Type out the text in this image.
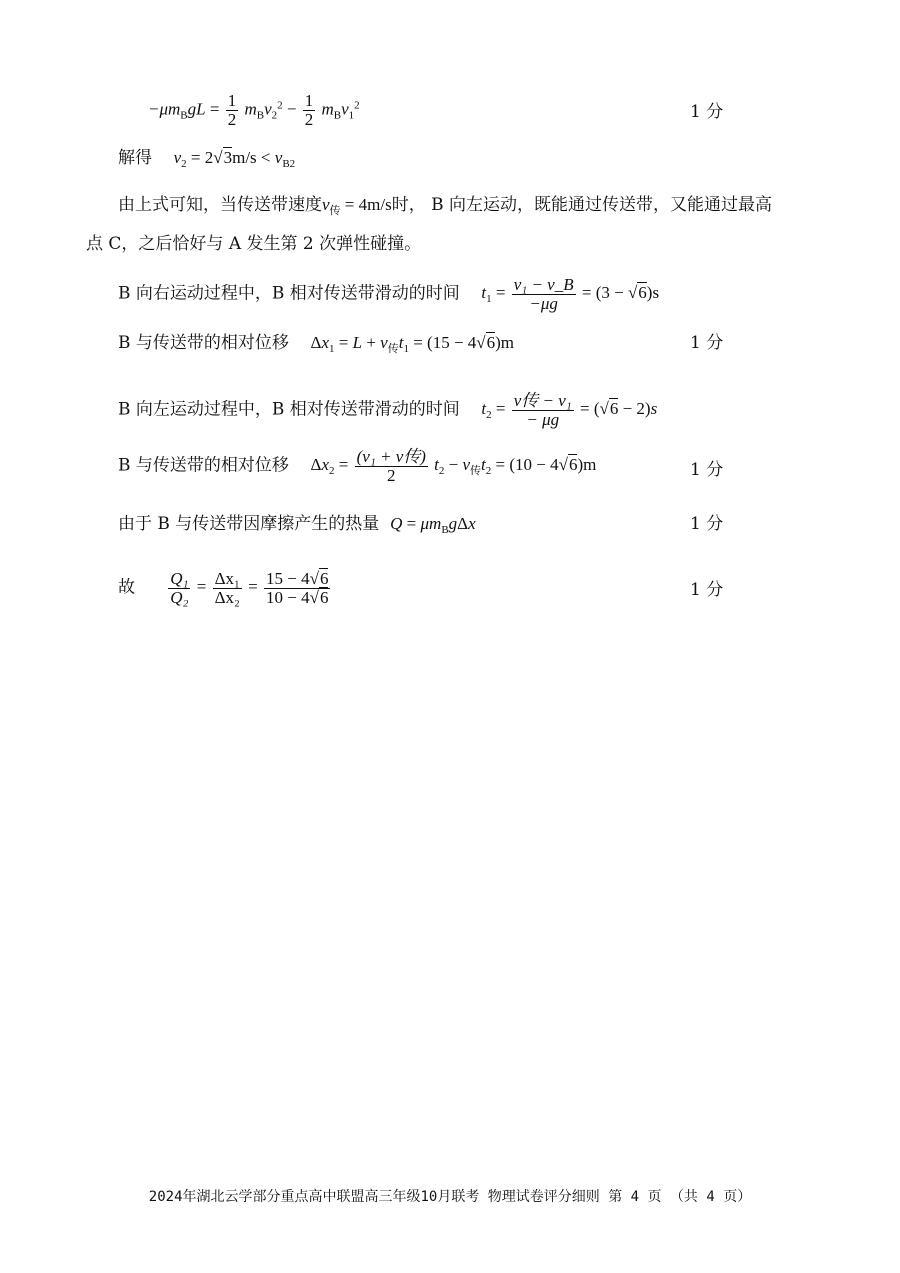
$-\mu m_BgL = \frac{1}{2} m_Bv_2^2 - \frac{1}{2} m_Bv_1^2$	1 分
解得 $v_2 = 2√3m/s < v_{B2}$
由上式可知，当传送带速度$v_传 = 4m/s$时， B 向左运动，既能通过传送带，又能通过最高
点 C，之后恰好与 A 发生第 2 次弹性碰撞。
B 向右运动过程中，B 相对传送带滑动的时间 $t_1 = \frac{\text{v₁ − v\_B}}{-\mu g} = (3 - √6)s$
B 与传送带的相对位移 $\Delta x_1 = L + v_传t_1 = (15 - 4√6)m$	1 分
B 向左运动过程中，B 相对传送带滑动的时间 $t_2 = \frac{\text{v传 − v₁}}{- \mu g} = (√6 - 2)s$
B 与传送带的相对位移 $\Delta x_2 = \frac{\text{(v₁ + v传)}}{2} t_2 - v_传t_2 = (10 - 4√6)m$	1 分
由于 B 与传送带因摩擦产生的热量 $Q = \mu m_Bg\Delta x$	1 分
故 $\frac{\text{Q₁}}{\text{Q₂}} = \frac{\text{Δx₁}}{\text{Δx₂}} = \frac{15 - 4√6}{10 - 4√6}$	1 分
2024年湖北云学部分重点高中联盟高三年级10月联考 物理试卷评分细则 第 4 页 （共 4 页）
